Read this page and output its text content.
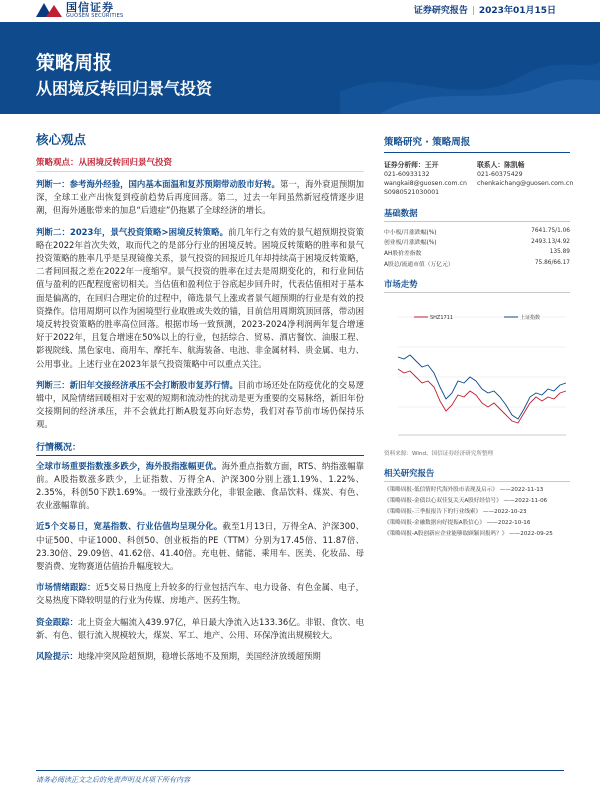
国信证券
GUOSEN SECURITIES	证券研究报告 | 2023年01月15日
策略周报
从困境反转回归景气投资
核心观点
策略观点：从困境反转回归景气投资

判断一：参考海外经验，国内基本面温和复苏预期带动股市好转。第一，海外衰退预期加深，全球工业产出恢复到疫前趋势后再度回落。第二，过去一年间虽然新冠疫情逐步退潮，但海外通胀带来的加息“后遗症”仍拖累了全球经济的增长。

判断二：2023年，景气投资策略>困境反转策略。前几年行之有效的景气超预期投资策略在2022年首次失效，取而代之的是部分行业的困境反转。困境反转策略的胜率和景气投资策略的胜率几乎是呈现镜像关系，景气投资的回报近几年却持续高于困境反转策略，二者间回报之差在2022年一度缩窄。景气投资的胜率在过去是周期变化的，和行业间估值与盈利的匹配程度密切相关。当估值和盈利位于谷底起步回升时，代表估值相对于基本面是偏离的，在回归合理定价的过程中，筛选景气上涨或者景气超预期的行业是有效的投资操作。信用周期可以作为困境型行业取胜或失效的锚，目前信用周期筑顶回落，带动困境反转投资策略的胜率高位回落。根据市场一致预测，2023-2024净利润两年复合增速好于2022年，且复合增速在50%以上的行业，包括综合、贸易、酒店餐饮、油服工程、影视院线、黑色家电、商用车、摩托车、航海装备、电池、非金属材料、贵金属、电力、公用事业。上述行业在2023年景气投资策略中可以重点关注。

判断三：新旧年交接经济承压不会打断股市复苏行情。目前市场还处在防疫优化的交易逻辑中，风险情绪回暖相对于宏观的短期和流动性的扰动是更为重要的交易脉络，新旧年份交接期间的经济承压，并不会就此打断A股复苏向好态势，我们对春节前市场仍保持乐观。

行情概况：

全球市场重要指数涨多跌少，海外股指涨幅更优。海外重点指数方面，RTS、纳指涨幅靠前。A股指数涨多跌少，上证指数、万得全A、沪深300分别上涨1.19%、1.22%、2.35%，科创50下跌1.69%。一级行业涨跌分化，非银金融、食品饮料、煤炭、有色、农业涨幅靠前。

近5个交易日，宽基指数、行业估值均呈现分化。截至1月13日，万得全A、沪深300、中证500、中证1000、科创50、创业板指的PE（TTM）分别为17.45倍、11.87倍、23.30倍、29.09倍、41.62倍、41.40倍。充电桩、储能、乘用车、医美、化妆品、母婴消费、宠物赛道估值抬升幅度较大。

市场情绪跟踪：近5交易日热度上升较多的行业包括汽车、电力设备、有色金属、电子，交易热度下降较明显的行业为传媒、房地产、医药生物。

资金跟踪：北上资金大幅流入439.97亿，单日最大净流入达133.36亿。非银、食饮、电新、有色、银行流入规模较大，煤炭、军工、地产、公用、环保净流出规模较大。

风险提示：地缘冲突风险超预期，稳增长落地不及预期，美国经济放缓超预期

策略研究 · 策略周报
证券分析师：王开
021-60933132
wangkai8@guosen.com.cn
S0980521030001
联系人：陈凯畅
021-60375429
chenkaichang@guosen.com.cn
基础数据
中小板/月涨跌幅(%)	7641.75/1.06
创业板/月涨跌幅(%)	2493.13/4.92
AH股价差指数	135.89
A股总/流通市值（万亿元）	75.86/66.17
市场走势
SHZ1711	上证指数
资料来源：Wind、国信证券经济研究所整理
相关研究报告
《策略周报-低信情时代海外股市表现及启示》 ——2022-11-13
《策略周报-金债以心双佳复关天A股好经信号》 ——2022-11-06
《策略周报-三季报报告下的行业线索》 ——2022-10-23
《策略周报-金融数据向好提振A股信心》 ——2022-10-16
《策略周报-A股创新应企业能够取顾颖回报吗？》 ——2022-09-25
请务必阅读正文之后的免责声明及其项下所有内容
